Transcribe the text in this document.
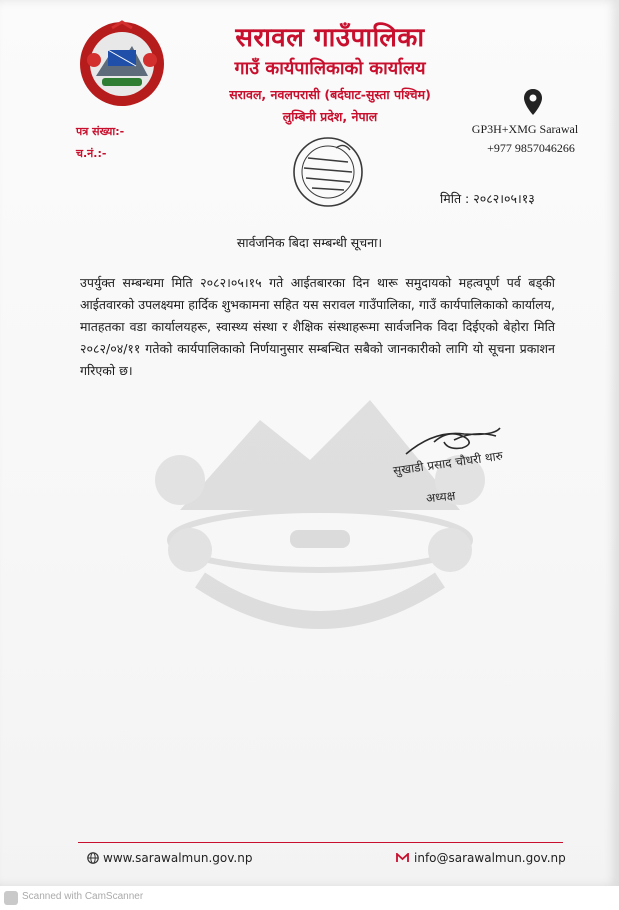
सरावल गाउँपालिका
गाउँ कार्यपालिकाको कार्यालय
सरावल, नवलपरासी (बर्दघाट-सुस्ता पश्चिम)
लुम्बिनी प्रदेश, नेपाल
GP3H+XMG Sarawal
+977 9857046266
पत्र संख्या:-
च.नं.:-
मिति : २०८२।०५।१३
सार्वजनिक बिदा सम्बन्धी सूचना।
उपर्युक्त सम्बन्धमा मिति २०८२।०५।१५ गते आईतबारका दिन थारू समुदायको महत्वपूर्ण पर्व बड्की आईतवारको उपलक्ष्यमा हार्दिक शुभकामना सहित यस सरावल गाउँपालिका, गाउँ कार्यपालिकाको कार्यालय, मातहतका वडा कार्यालयहरू, स्वास्थ्य संस्था र शैक्षिक संस्थाहरूमा सार्वजनिक विदा दिईएको बेहोरा मिति २०८२/०४/११ गतेको कार्यपालिकाको निर्णयानुसार सम्बन्धित सबैको जानकारीको लागि यो सूचना प्रकाशन गरिएको छ।
सुखाडी प्रसाद चौधरी थारु
अध्यक्ष
www.sarawalmun.gov.np	info@sarawalmun.gov.np
Scanned with CamScanner
